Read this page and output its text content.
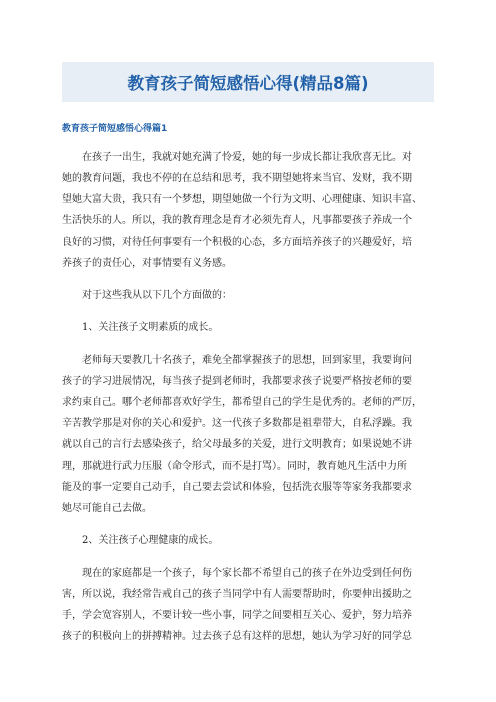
教育孩子简短感悟心得(精品8篇)
教育孩子简短感悟心得篇1

在孩子一出生，我就对她充满了怜爱，她的每一步成长都让我欣喜无比。对
她的教育问题，我也不停的在总结和思考，我不期望她将来当官、发财，我不期
望她大富大贵，我只有一个梦想，期望她做一个行为文明、心理健康、知识丰富、
生活快乐的人。所以，我的教育理念是育才必须先育人，凡事都要孩子养成一个
良好的习惯，对待任何事要有一个积极的心态，多方面培养孩子的兴趣爱好，培
养孩子的责任心，对事情要有义务感。

对于这些我从以下几个方面做的：

1、关注孩子文明素质的成长。

老师每天要教几十名孩子，难免全都掌握孩子的思想，回到家里，我要询问
孩子的学习进展情况，每当孩子提到老师时，我都要求孩子说要严格按老师的要
求约束自己。哪个老师都喜欢好学生，都希望自己的学生是优秀的。老师的严厉，
辛苦教学那是对你的关心和爱护。这一代孩子多数都是祖辈带大，自私浮躁。我
就以自己的言行去感染孩子，给父母最多的关爱，进行文明教育；如果说她不讲
理，那就进行武力压服（命令形式，而不是打骂）。同时，教育她凡生活中力所
能及的事一定要自己动手，自己要去尝试和体验，包括洗衣服等等家务我都要求
她尽可能自己去做。

2、关注孩子心理健康的成长。

现在的家庭都是一个孩子，每个家长都不希望自己的孩子在外边受到任何伤
害，所以说，我经常告戒自己的孩子当同学中有人需要帮助时，你要伸出援助之
手，学会宽容别人，不要计较一些小事，同学之间要相互关心、爱护，努力培养
孩子的积极向上的拼搏精神。过去孩子总有这样的思想，她认为学习好的同学总
